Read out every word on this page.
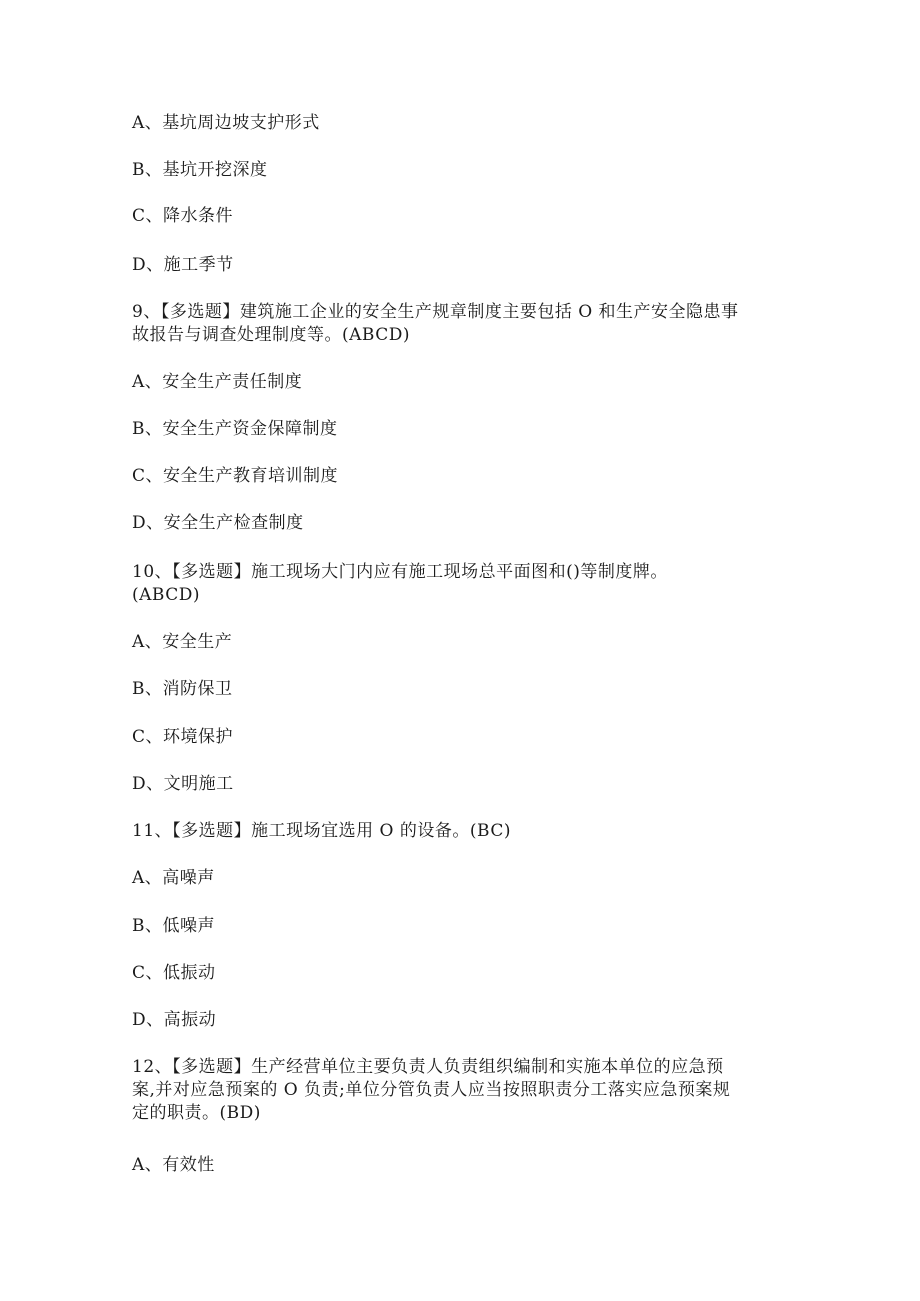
A、基坑周边坡支护形式
B、基坑开挖深度
C、降水条件
D、施工季节
9、【多选题】建筑施工企业的安全生产规章制度主要包括 O 和生产安全隐患事
故报告与调查处理制度等。(ABCD)
A、安全生产责任制度
B、安全生产资金保障制度
C、安全生产教育培训制度
D、安全生产检查制度
10、【多选题】施工现场大门内应有施工现场总平面图和()等制度牌。
(ABCD)
A、安全生产
B、消防保卫
C、环境保护
D、文明施工
11、【多选题】施工现场宜选用 O 的设备。(BC)
A、高噪声
B、低噪声
C、低振动
D、高振动
12、【多选题】生产经营单位主要负责人负责组织编制和实施本单位的应急预
案,并对应急预案的 O 负责;单位分管负责人应当按照职责分工落实应急预案规
定的职责。(BD)
A、有效性
